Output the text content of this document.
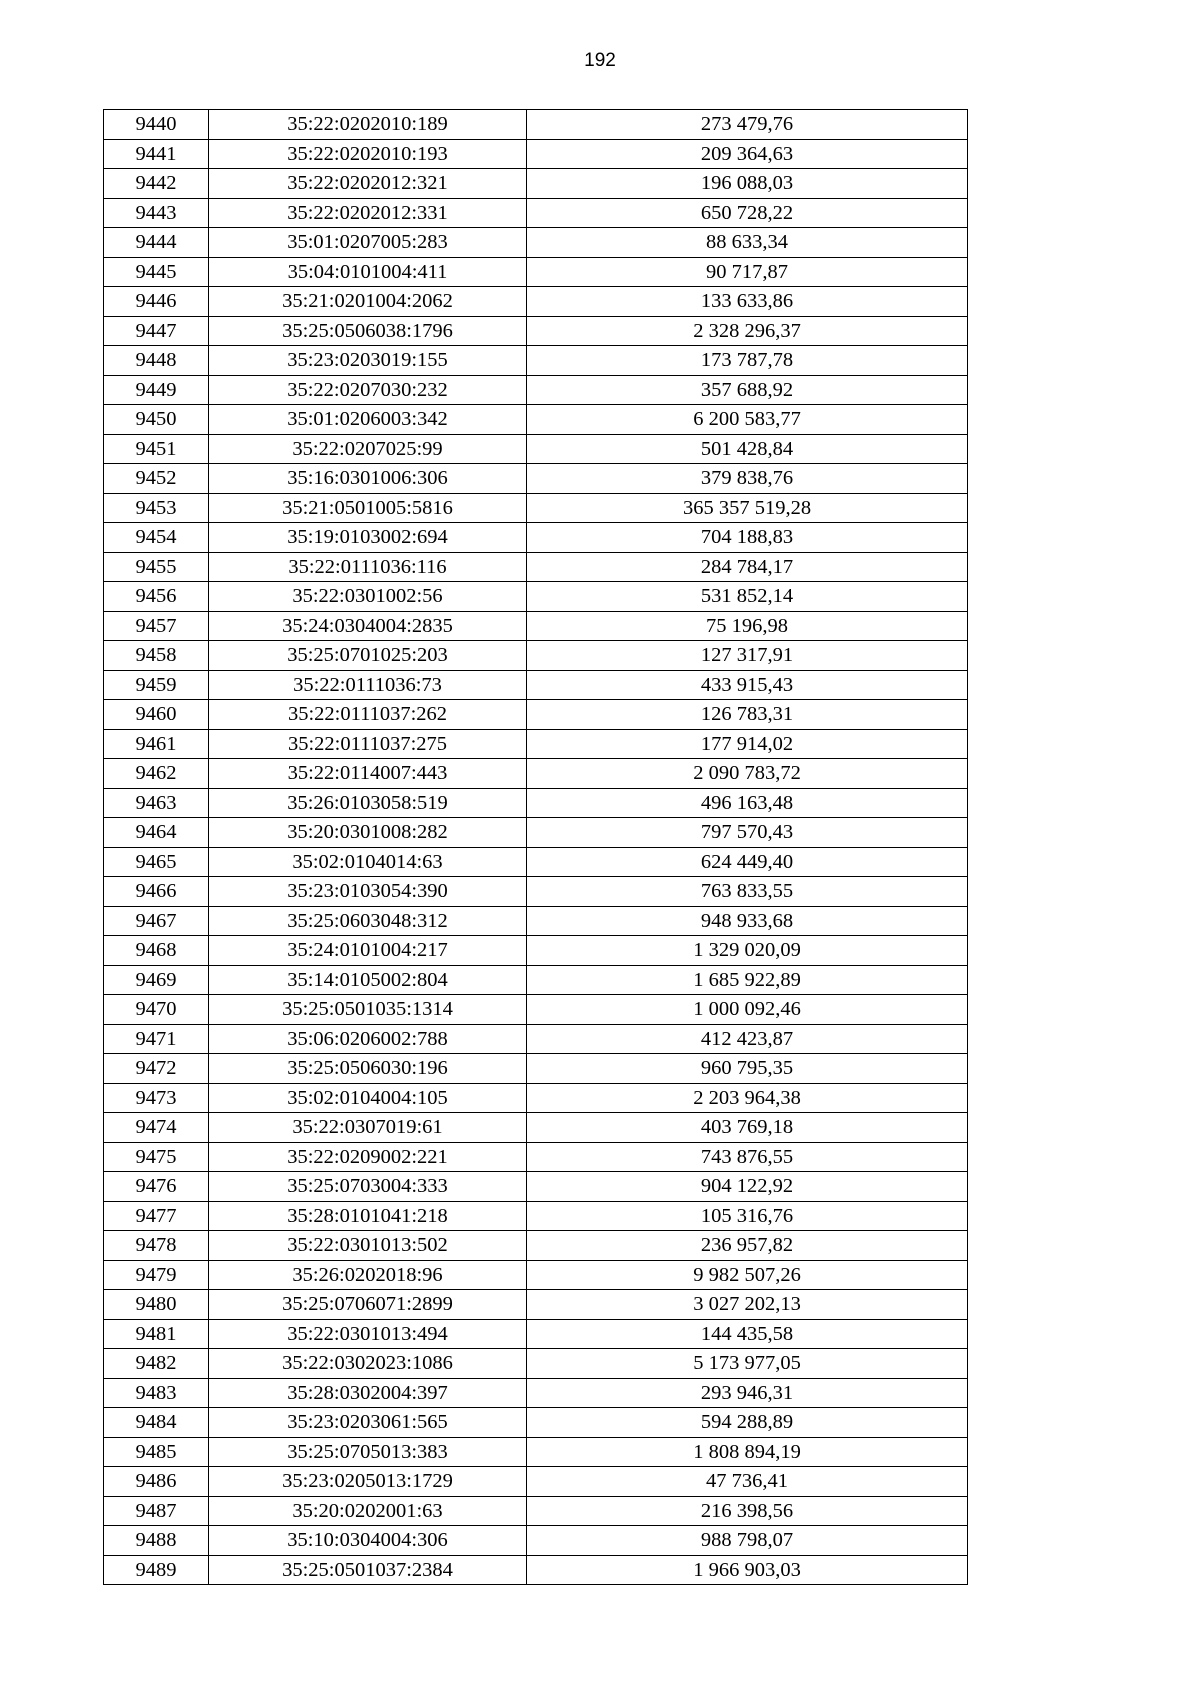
192
9440	35:22:0202010:189	273 479,76
9441	35:22:0202010:193	209 364,63
9442	35:22:0202012:321	196 088,03
9443	35:22:0202012:331	650 728,22
9444	35:01:0207005:283	88 633,34
9445	35:04:0101004:411	90 717,87
9446	35:21:0201004:2062	133 633,86
9447	35:25:0506038:1796	2 328 296,37
9448	35:23:0203019:155	173 787,78
9449	35:22:0207030:232	357 688,92
9450	35:01:0206003:342	6 200 583,77
9451	35:22:0207025:99	501 428,84
9452	35:16:0301006:306	379 838,76
9453	35:21:0501005:5816	365 357 519,28
9454	35:19:0103002:694	704 188,83
9455	35:22:0111036:116	284 784,17
9456	35:22:0301002:56	531 852,14
9457	35:24:0304004:2835	75 196,98
9458	35:25:0701025:203	127 317,91
9459	35:22:0111036:73	433 915,43
9460	35:22:0111037:262	126 783,31
9461	35:22:0111037:275	177 914,02
9462	35:22:0114007:443	2 090 783,72
9463	35:26:0103058:519	496 163,48
9464	35:20:0301008:282	797 570,43
9465	35:02:0104014:63	624 449,40
9466	35:23:0103054:390	763 833,55
9467	35:25:0603048:312	948 933,68
9468	35:24:0101004:217	1 329 020,09
9469	35:14:0105002:804	1 685 922,89
9470	35:25:0501035:1314	1 000 092,46
9471	35:06:0206002:788	412 423,87
9472	35:25:0506030:196	960 795,35
9473	35:02:0104004:105	2 203 964,38
9474	35:22:0307019:61	403 769,18
9475	35:22:0209002:221	743 876,55
9476	35:25:0703004:333	904 122,92
9477	35:28:0101041:218	105 316,76
9478	35:22:0301013:502	236 957,82
9479	35:26:0202018:96	9 982 507,26
9480	35:25:0706071:2899	3 027 202,13
9481	35:22:0301013:494	144 435,58
9482	35:22:0302023:1086	5 173 977,05
9483	35:28:0302004:397	293 946,31
9484	35:23:0203061:565	594 288,89
9485	35:25:0705013:383	1 808 894,19
9486	35:23:0205013:1729	47 736,41
9487	35:20:0202001:63	216 398,56
9488	35:10:0304004:306	988 798,07
9489	35:25:0501037:2384	1 966 903,03
